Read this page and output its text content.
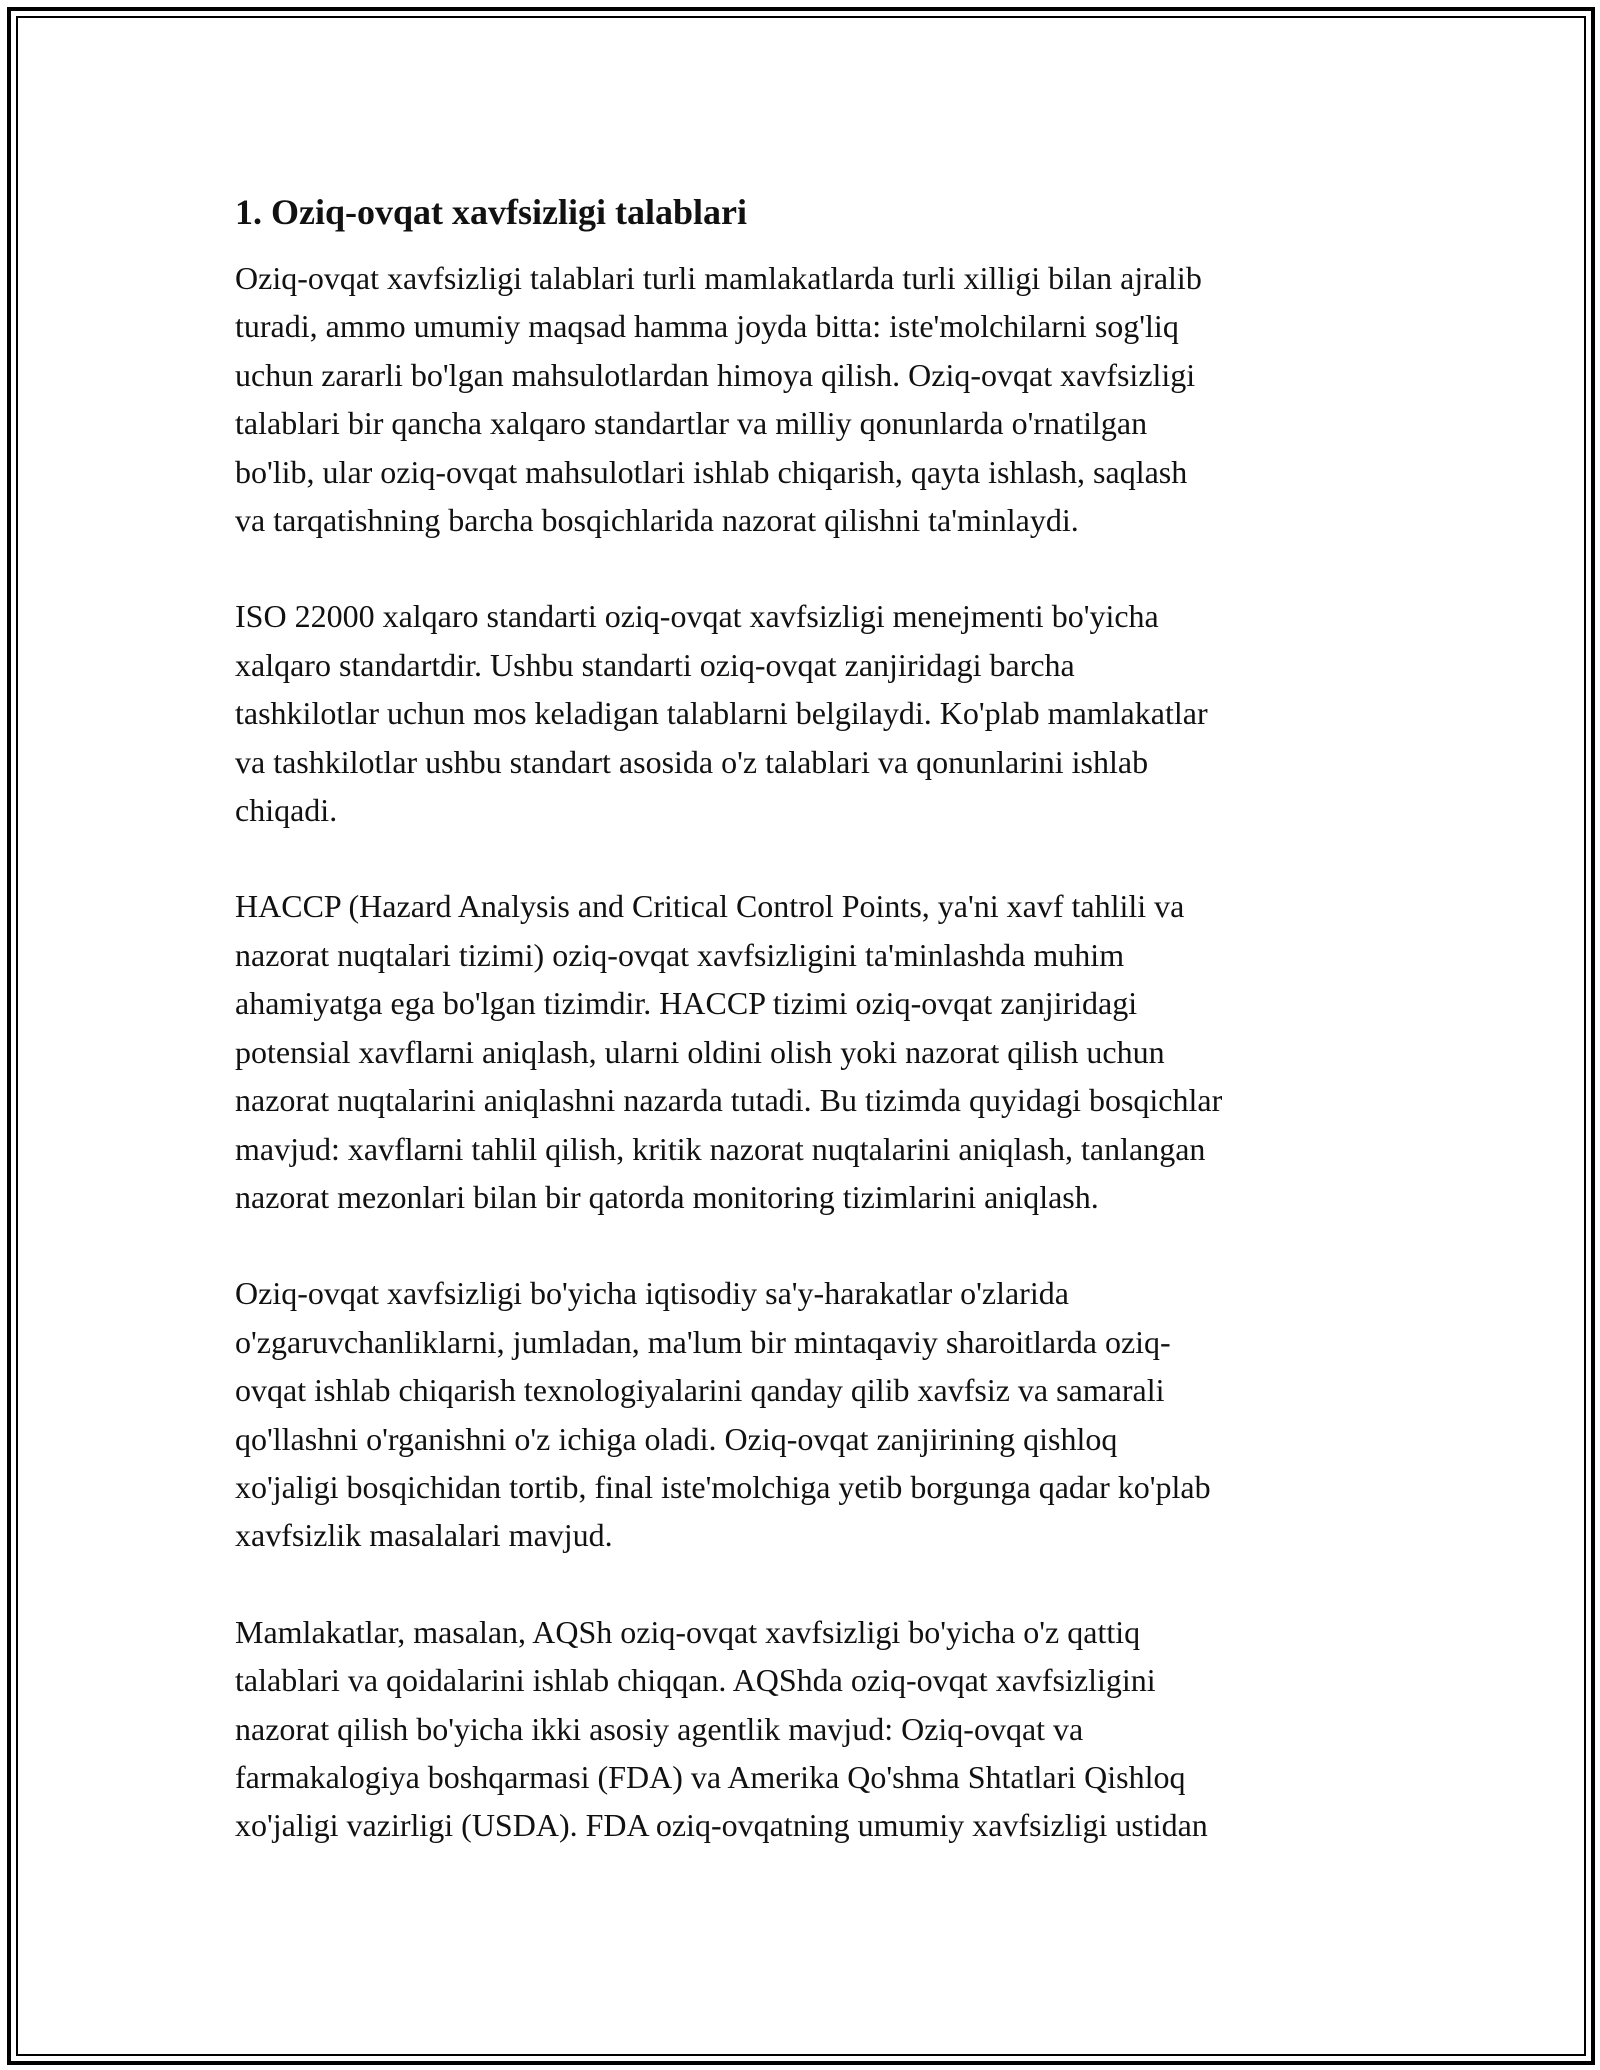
1. Oziq-ovqat xavfsizligi talablari

Oziq-ovqat xavfsizligi talablari turli mamlakatlarda turli xilligi bilan ajralib
turadi, ammo umumiy maqsad hamma joyda bitta: iste'molchilarni sog'liq
uchun zararli bo'lgan mahsulotlardan himoya qilish. Oziq-ovqat xavfsizligi
talablari bir qancha xalqaro standartlar va milliy qonunlarda o'rnatilgan
bo'lib, ular oziq-ovqat mahsulotlari ishlab chiqarish, qayta ishlash, saqlash
va tarqatishning barcha bosqichlarida nazorat qilishni ta'minlaydi.

ISO 22000 xalqaro standarti oziq-ovqat xavfsizligi menejmenti bo'yicha
xalqaro standartdir. Ushbu standarti oziq-ovqat zanjiridagi barcha
tashkilotlar uchun mos keladigan talablarni belgilaydi. Ko'plab mamlakatlar
va tashkilotlar ushbu standart asosida o'z talablari va qonunlarini ishlab
chiqadi.

HACCP (Hazard Analysis and Critical Control Points, ya'ni xavf tahlili va
nazorat nuqtalari tizimi) oziq-ovqat xavfsizligini ta'minlashda muhim
ahamiyatga ega bo'lgan tizimdir. HACCP tizimi oziq-ovqat zanjiridagi
potensial xavflarni aniqlash, ularni oldini olish yoki nazorat qilish uchun
nazorat nuqtalarini aniqlashni nazarda tutadi. Bu tizimda quyidagi bosqichlar
mavjud: xavflarni tahlil qilish, kritik nazorat nuqtalarini aniqlash, tanlangan
nazorat mezonlari bilan bir qatorda monitoring tizimlarini aniqlash.

Oziq-ovqat xavfsizligi bo'yicha iqtisodiy sa'y-harakatlar o'zlarida
o'zgaruvchanliklarni, jumladan, ma'lum bir mintaqaviy sharoitlarda oziq-
ovqat ishlab chiqarish texnologiyalarini qanday qilib xavfsiz va samarali
qo'llashni o'rganishni o'z ichiga oladi. Oziq-ovqat zanjirining qishloq
xo'jaligi bosqichidan tortib, final iste'molchiga yetib borgunga qadar ko'plab
xavfsizlik masalalari mavjud.

Mamlakatlar, masalan, AQSh oziq-ovqat xavfsizligi bo'yicha o'z qattiq
talablari va qoidalarini ishlab chiqqan. AQShda oziq-ovqat xavfsizligini
nazorat qilish bo'yicha ikki asosiy agentlik mavjud: Oziq-ovqat va
farmakalogiya boshqarmasi (FDA) va Amerika Qo'shma Shtatlari Qishloq
xo'jaligi vazirligi (USDA). FDA oziq-ovqatning umumiy xavfsizligi ustidan
